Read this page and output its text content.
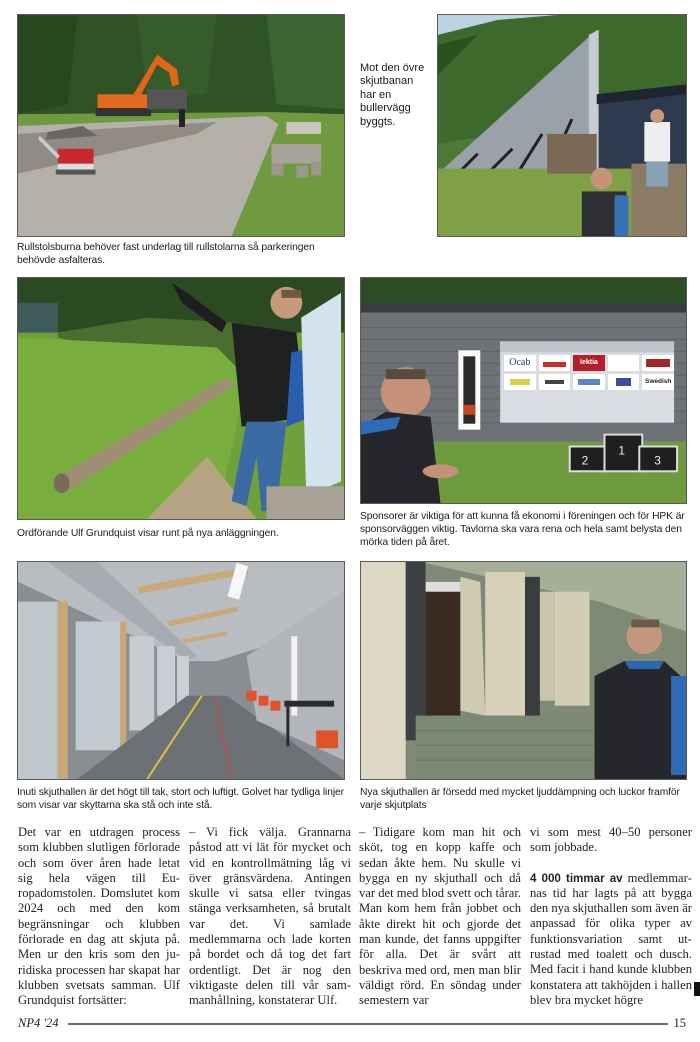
Mot den övre skjutbanan har en bullervägg byggts.
Rullstolsburna behöver fast underlag till rullstolarna så parkeringen behövde asfalteras.
Ordförande Ulf Grundquist visar runt på nya anläggningen.
Ocab	Iektia
Swedish
2
1
3
Sponsorer är viktiga för att kunna få ekonomi i föreningen och för HPK är sponsorväggen viktig. Tavlorna ska vara rena och hela samt belysta den mörka tiden på året.
Inuti skjuthallen är det högt till tak, stort och luftigt. Golvet har tydliga linjer som visar var skyttarna ska stå och inte stå.
Nya skjuthallen är försedd med mycket ljuddämpning och luckor framför varje skjutplats

Det var en utdragen process som klubben slutligen förlorade och som över åren hade letat sig hela vägen till Europadomstolen. Domslutet kom 2024 och med den kom begränsningar och klubben förlorade en dag att skjuta på. Men ur den kris som den juridiska processen har skapat har klubben svetsats samman. Ulf Grundquist fortsätter:

– Vi fick välja. Grannarna påstod att vi lät för mycket och vid en kontrollmätning låg vi över gränsvärdena. Antingen skulle vi satsa eller tvingas stänga verksamheten, så brutalt var det. Vi samlade medlemmarna och lade korten på bordet och då tog det fart ordentligt. Det är nog den viktigaste delen till vår sammanhållning, konstaterar Ulf.

– Tidigare kom man hit och sköt, tog en kopp kaffe och sedan åkte hem. Nu skulle vi bygga en ny skjuthall och då var det med blod svett och tårar. Man kom hem från jobbet och åkte direkt hit och gjorde det man kunde, det fanns uppgifter för alla. Det är svårt att beskriva med ord, men man blir väldigt rörd. En söndag under semestern var

vi som mest 40–50 personer som jobbade.

4 000 timmar av medlemmarnas tid har lagts på att bygga den nya skjuthallen som även är anpassad för olika typer av funktionsvariation samt utrustad med toalett och dusch. Med facit i hand kunde klubben konstatera att takhöjden i hallen blev bra mycket högre

NP4 '24	15
